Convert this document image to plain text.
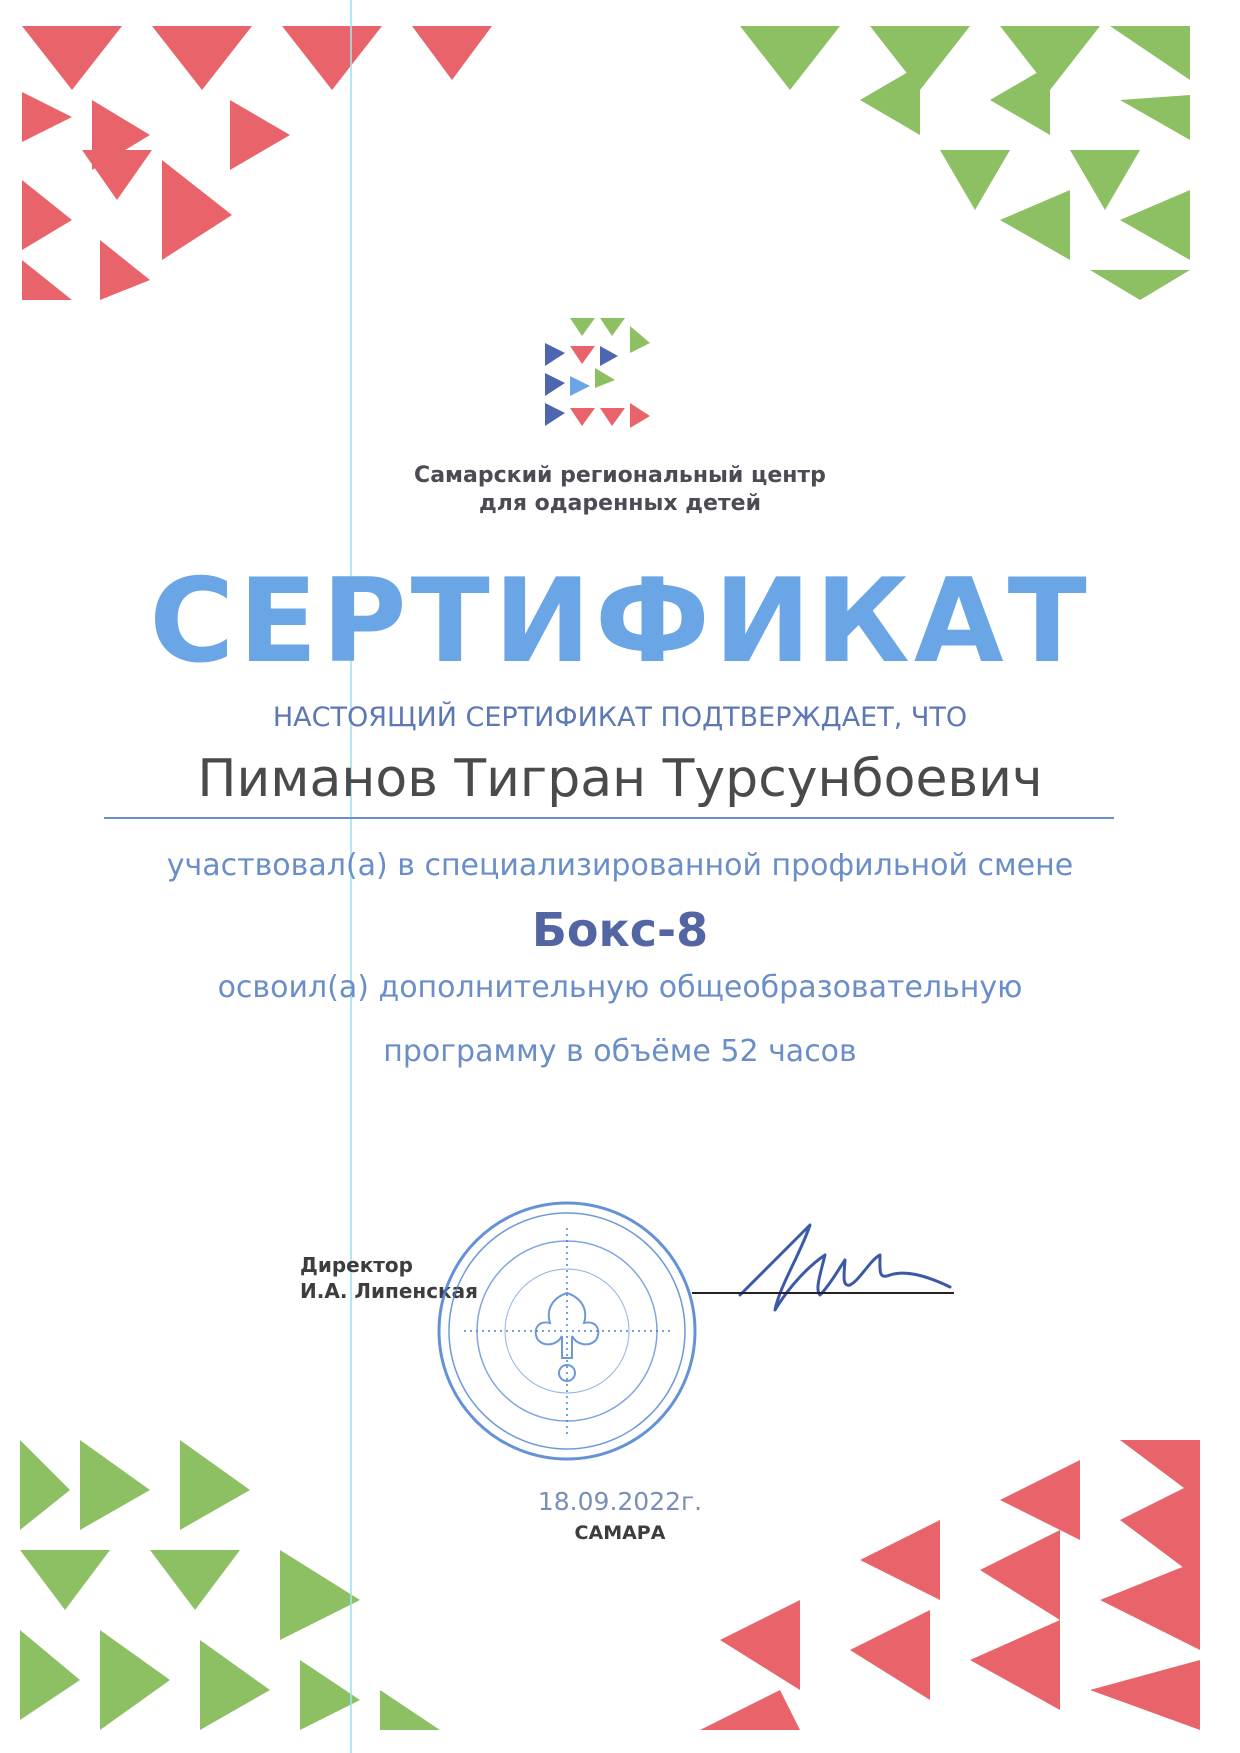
Самарский региональный центр
для одаренных детей
СЕРТИФИКАТ
НАСТОЯЩИЙ СЕРТИФИКАТ ПОДТВЕРЖДАЕТ, ЧТО
Пиманов Тигран Турсунбоевич
участвовал(а) в специализированной профильной смене
Бокс-8
освоил(а) дополнительную общеобразовательную
программу в объёме 52 часов
Директор
И.А. Липенская
18.09.2022г.
САМАРА
